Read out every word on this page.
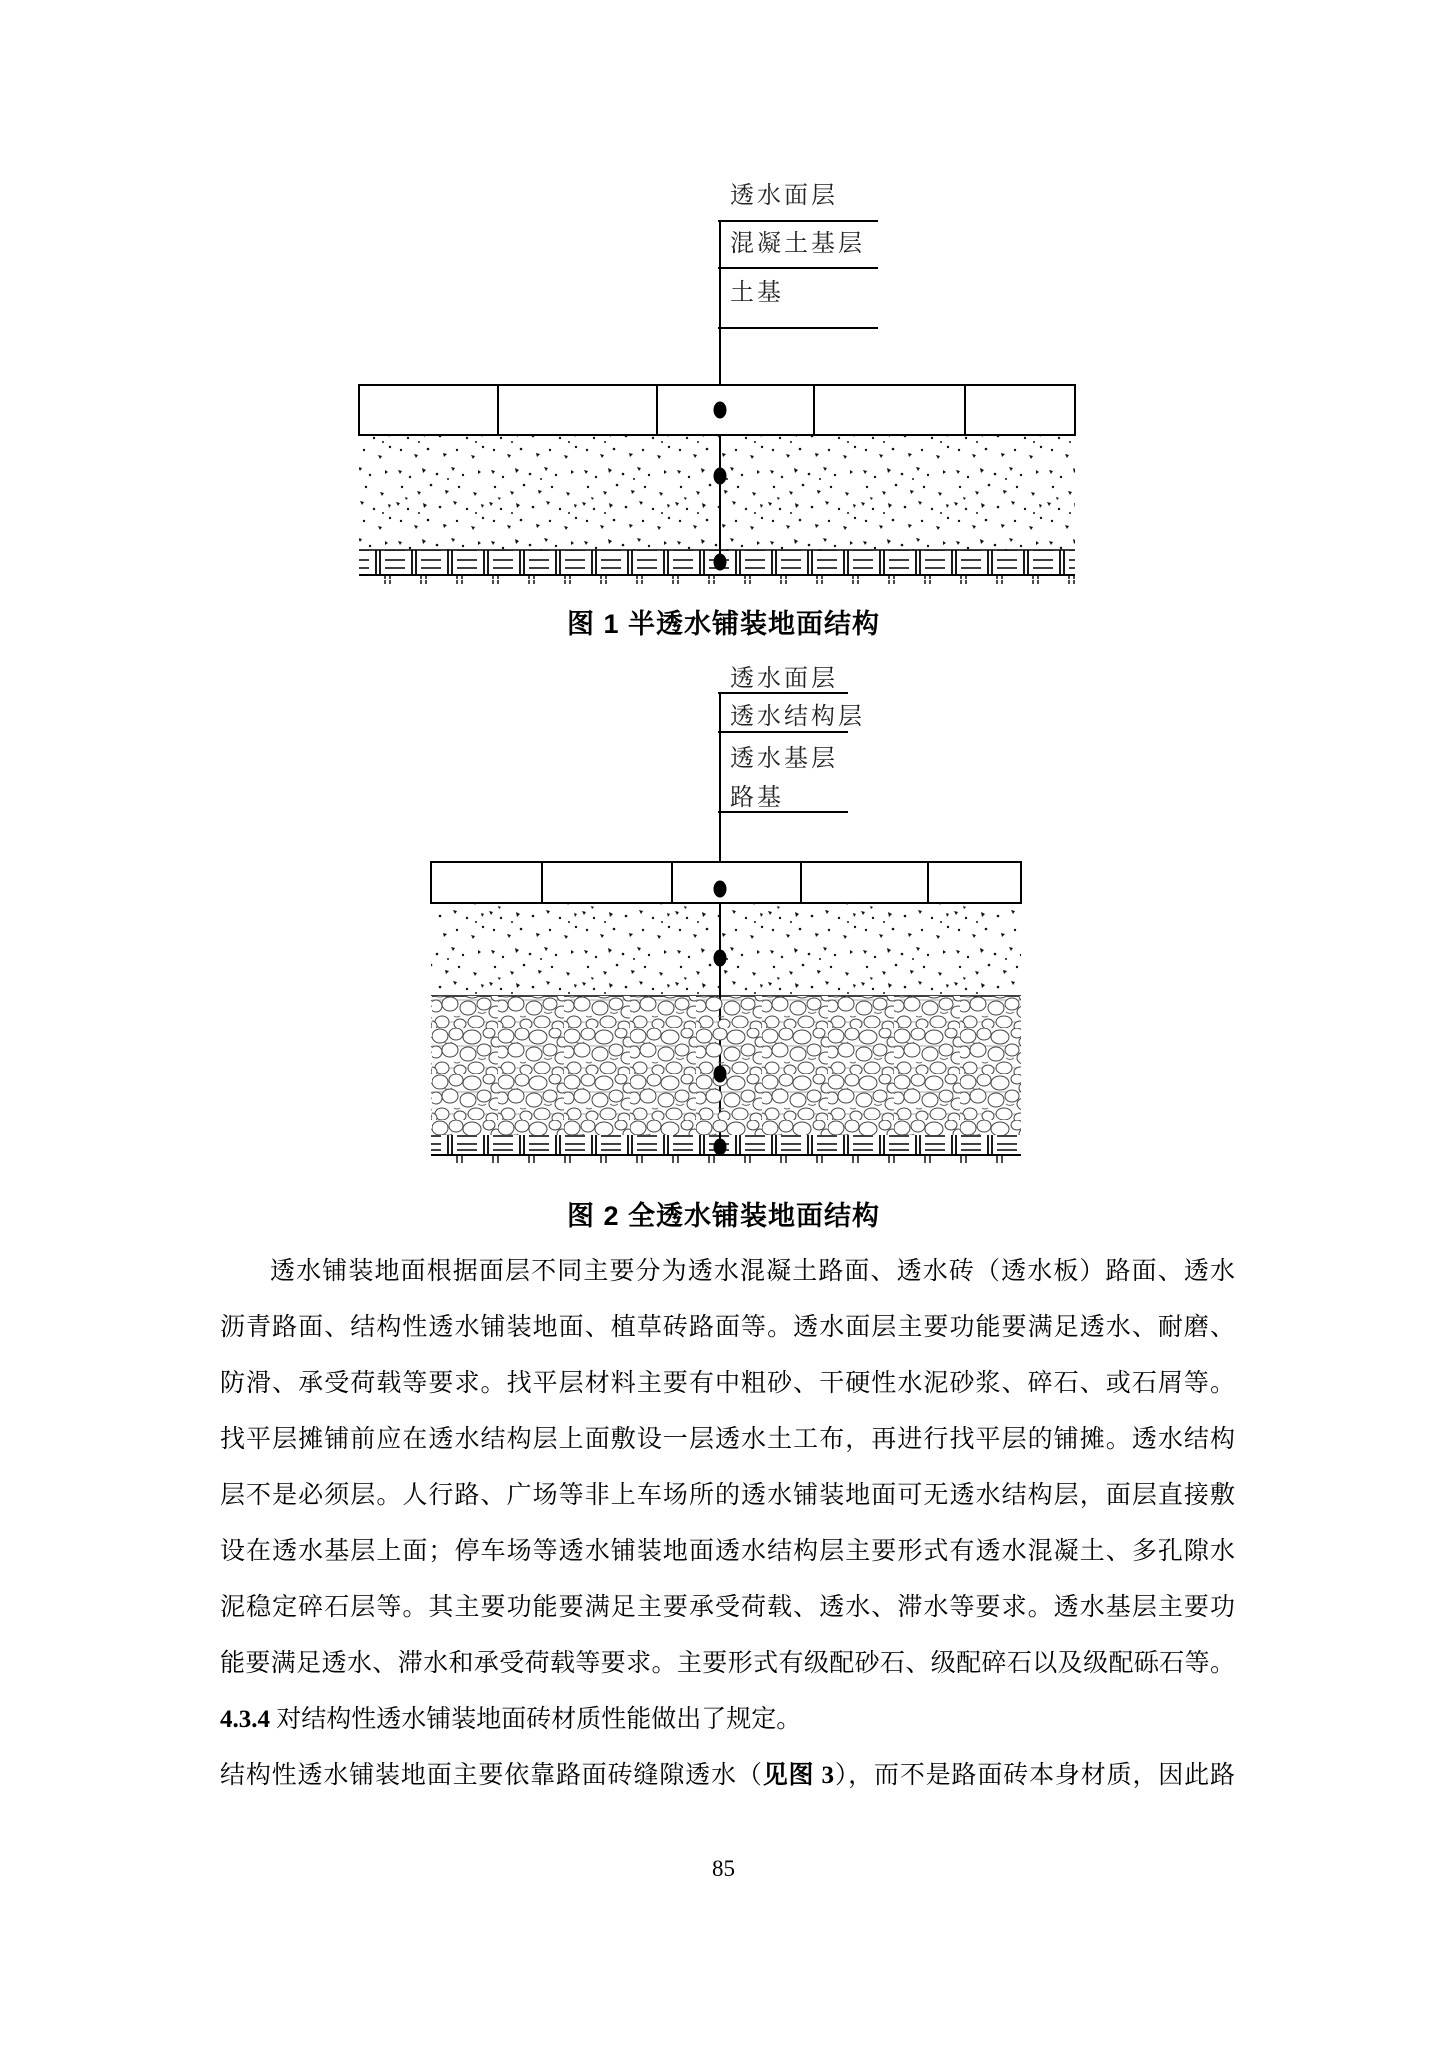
透水面层
混凝土基层
土基
图 1 半透水铺装地面结构
透水面层
透水结构层
透水基层
路基
图 2 全透水铺装地面结构
透水铺装地面根据面层不同主要分为透水混凝土路面、透水砖（透水板）路面、透水
沥青路面、结构性透水铺装地面、植草砖路面等。透水面层主要功能要满足透水、耐磨、
防滑、承受荷载等要求。找平层材料主要有中粗砂、干硬性水泥砂浆、碎石、或石屑等。
找平层摊铺前应在透水结构层上面敷设一层透水土工布，再进行找平层的铺摊。透水结构
层不是必须层。人行路、广场等非上车场所的透水铺装地面可无透水结构层，面层直接敷
设在透水基层上面；停车场等透水铺装地面透水结构层主要形式有透水混凝土、多孔隙水
泥稳定碎石层等。其主要功能要满足主要承受荷载、透水、滞水等要求。透水基层主要功
能要满足透水、滞水和承受荷载等要求。主要形式有级配砂石、级配碎石以及级配砾石等。
4.3.4 对结构性透水铺装地面砖材质性能做出了规定。
结构性透水铺装地面主要依靠路面砖缝隙透水（见图 3），而不是路面砖本身材质，因此路
85
